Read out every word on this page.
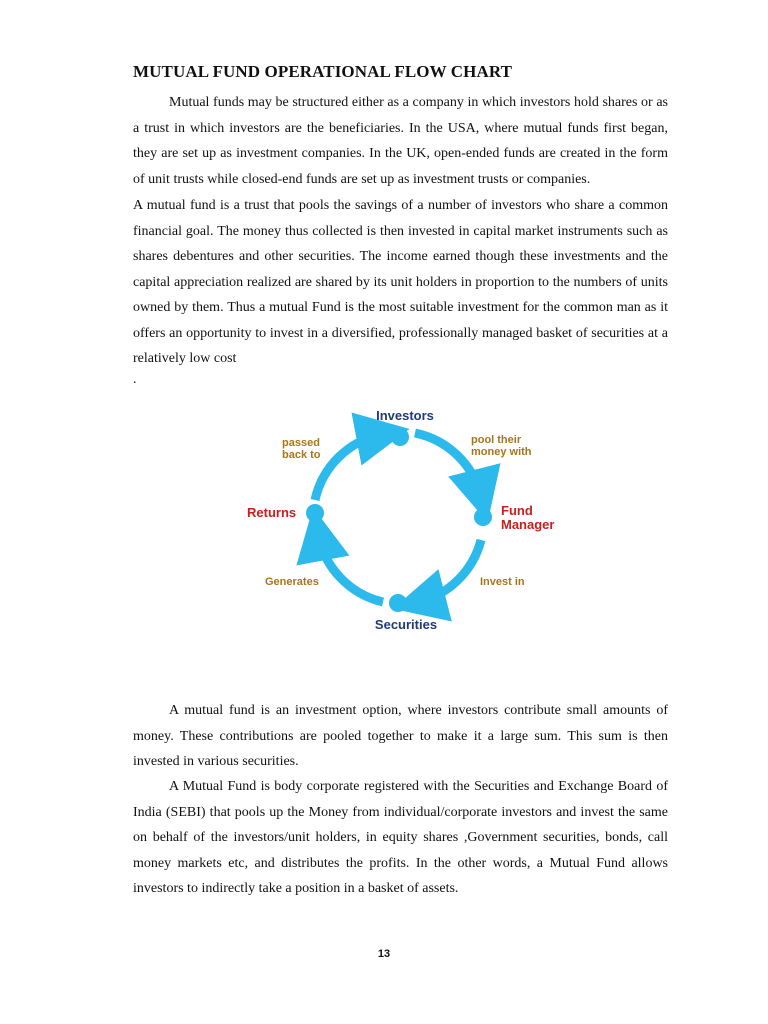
MUTUAL FUND OPERATIONAL FLOW CHART

Mutual funds may be structured either as a company in which investors hold shares or as a trust in which investors are the beneficiaries. In the USA, where mutual funds first began, they are set up as investment companies. In the UK, open-ended funds are created in the form of unit trusts while closed-end funds are set up as investment trusts or companies.

A mutual fund is a trust that pools the savings of a number of investors who share a common financial goal. The money thus collected is then invested in capital market instruments such as shares debentures and other securities. The income earned though these investments and the capital appreciation realized are shared by its unit holders in proportion to the numbers of units owned by them. Thus a mutual Fund is the most suitable investment for the common man as it offers an opportunity to invest in a diversified, professionally managed basket of securities at a relatively low cost

.
Investors
Fund
Manager
Securities
Returns
pool their
money with
Invest in
Generates
passed
back to

A mutual fund is an investment option, where investors contribute small amounts of money. These contributions are pooled together to make it a large sum. This sum is then invested in various securities.

A Mutual Fund is body corporate registered with the Securities and Exchange Board of India (SEBI) that pools up the Money from individual/corporate investors and invest the same on behalf of the investors/unit holders, in equity shares ,Government securities, bonds, call money markets etc, and distributes the profits. In the other words, a Mutual Fund allows investors to indirectly take a position in a basket of assets.

13
